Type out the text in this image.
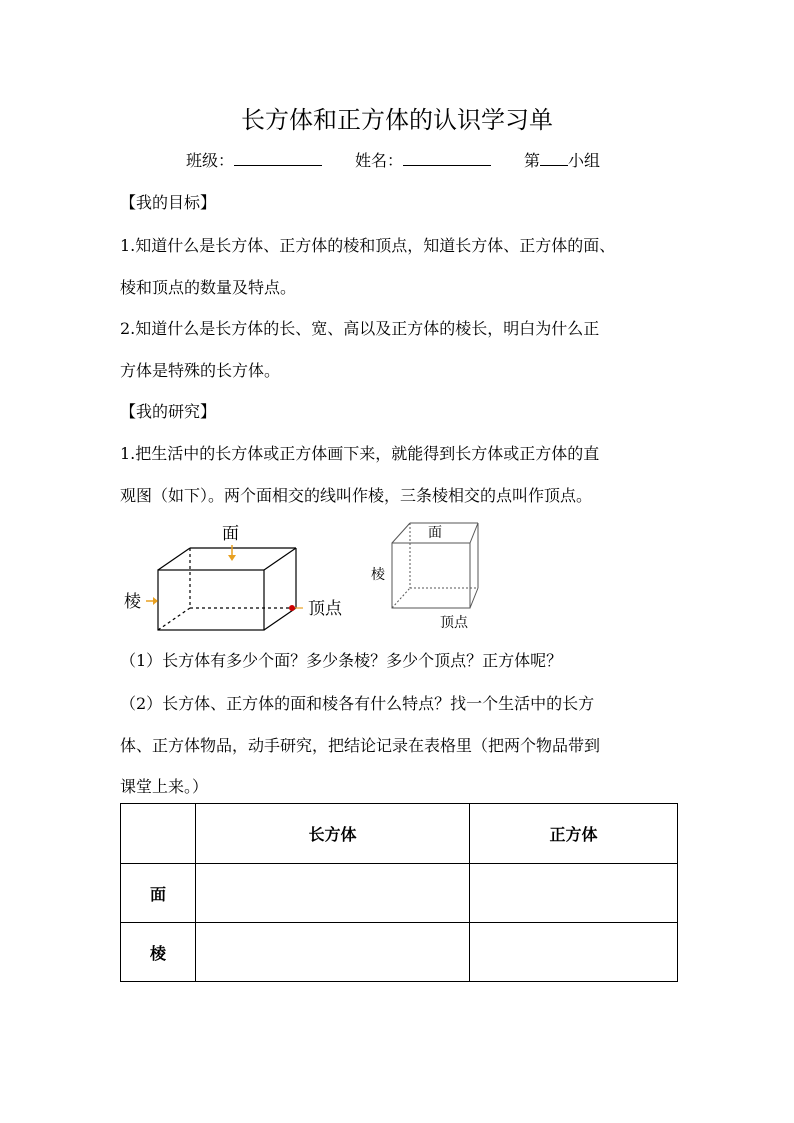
长方体和正方体的认识学习单
班级：	姓名：	第 小组
【我的目标】
1.知道什么是长方体、正方体的棱和顶点，知道长方体、正方体的面、
棱和顶点的数量及特点。
2.知道什么是长方体的长、宽、高以及正方体的棱长，明白为什么正
方体是特殊的长方体。
【我的研究】
1.把生活中的长方体或正方体画下来，就能得到长方体或正方体的直
观图（如下）。两个面相交的线叫作棱，三条棱相交的点叫作顶点。
面
棱	顶点
面
棱
顶点
（1）长方体有多少个面？多少条棱？多少个顶点？正方体呢？
（2）长方体、正方体的面和棱各有什么特点？找一个生活中的长方
体、正方体物品，动手研究，把结论记录在表格里（把两个物品带到
课堂上来。）
	长方体	正方体
面		
棱		
